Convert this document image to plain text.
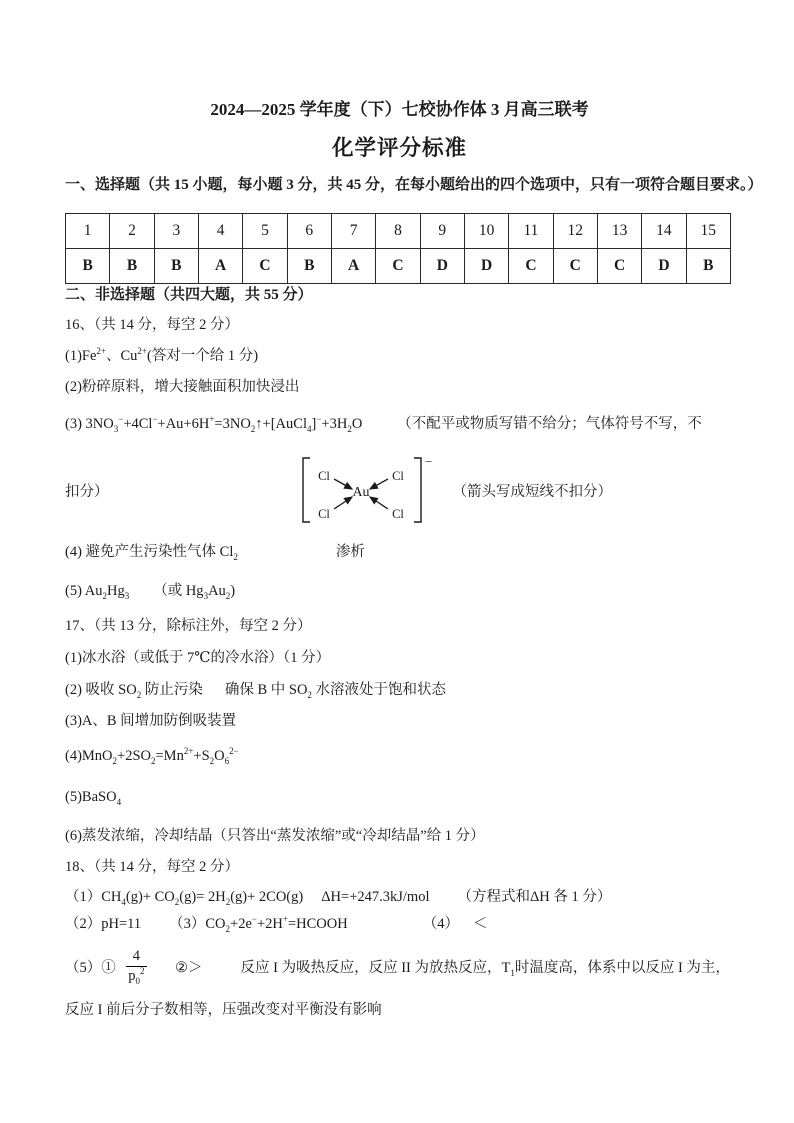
2024—2025 学年度（下）七校协作体 3 月高三联考
化学评分标准
一、选择题（共 15 小题，每小题 3 分，共 45 分，在每小题给出的四个选项中，只有一项符合题目要求。）
1	2	3	4	5	6	7	8	9	10	11	12	13	14	15
B	B	B	A	C	B	A	C	D	D	C	C	C	D	B
二、非选择题（共四大题，共 55 分）
16、（共 14 分，每空 2 分）
$(1)Fe^{2+}$、$Cu^{2+}$(答对一个给 1 分)
(2)粉碎原料，增大接触面积加快浸出
(3) $3NO_3^-+4Cl^-+Au+6H^+=3NO_2↑+[AuCl_4]^-+3H_2O$ （不配平或物质写错不给分；气体符号不写，不
扣分）
−
Au
Cl	Cl
Cl	Cl
（箭头写成短线不扣分）
(4) 避免产生污染性气体 $Cl_2$	渗析
(5) $Au_2Hg_3$ （或 $Hg_3Au_2$)
17、（共 13 分，除标注外，每空 2 分）
(1)冰水浴（或低于 7℃的冷水浴）（1 分）
(2) 吸收 $SO_2$ 防止污染 确保 B 中 $SO_2$ 水溶液处于饱和状态
(3)A、B 间增加防倒吸装置
$(4)MnO_2+2SO_2=Mn^{2+}+S_2O_6^{2-}$
(5)BaSO$_4$
(6)蒸发浓缩，冷却结晶（只答出“蒸发浓缩”或“冷却结晶”给 1 分）
18、（共 14 分，每空 2 分）
$(1)CH_4(g)+ CO_2(g)= 2H_2(g)+ 2CO(g)$ ΔH=+247.3kJ/mol （方程式和ΔH 各 1 分）
（2）pH=11 $(3)CO_2+2e^-+2H^+=HCOOH$	（4） ＜
（5）① $\frac{4}{p_0^2}$ ②＞	反应 I 为吸热反应，反应 II 为放热反应，$T_1$时温度高，体系中以反应 I 为主，
反应 I 前后分子数相等，压强改变对平衡没有影响
